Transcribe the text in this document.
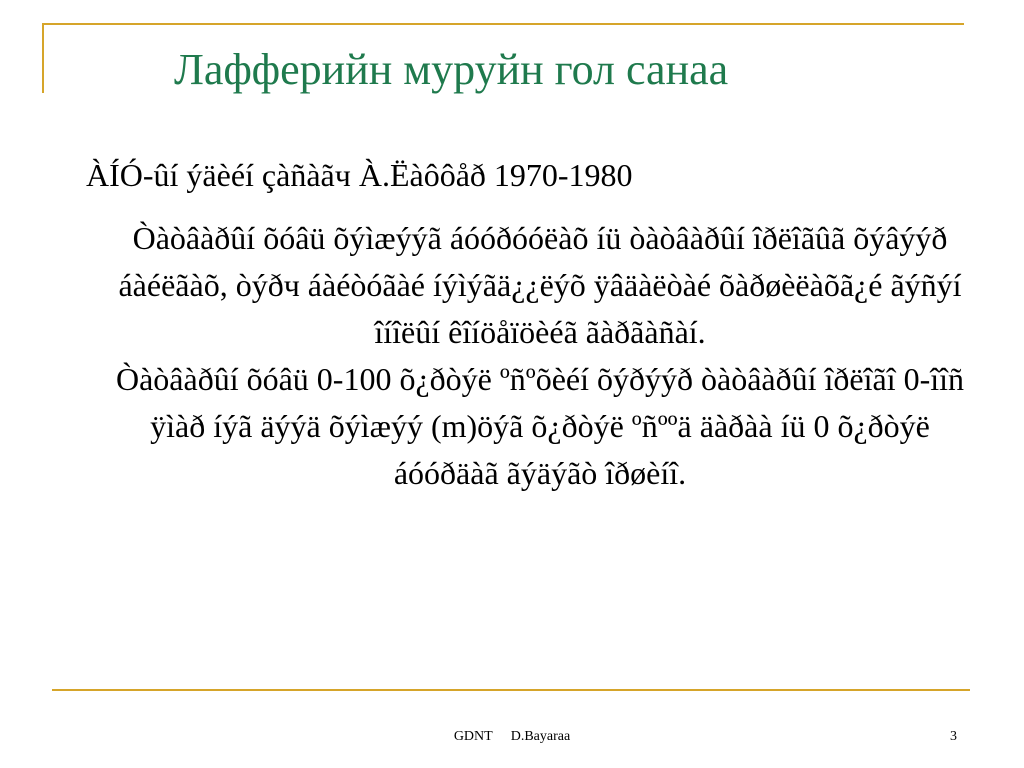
Лафферийн муруйн гол санаа
ÀÍÓ-ûí ýäèéí çàñàãч À.Ëàôôåð 1970-1980
Òàòâàðûí õóâü õýìæýýã áóóðóóëàõ íü òàòâàðûí îðëîãûã õýâýýð áàéëãàõ, òýðч áàéòóãàé íýìýãä¿¿ëýõ ÿâäàëòàé õàðøèëàõã¿é ãýñýí îíîëûí êîíöåïöèéã ãàðãàñàí.
Òàòâàðûí õóâü 0-100 õ¿ðòýë ºñºõèéí õýðýýð òàòâàðûí îðëîãî 0-îîñ ÿìàð íýã äýýä õýìæýý (m)öýã õ¿ðòýë ºñººä äàðàà íü 0 õ¿ðòýë áóóðäàã ãýäýãò îðøèíî.
GDNT D.Bayaraa	3
